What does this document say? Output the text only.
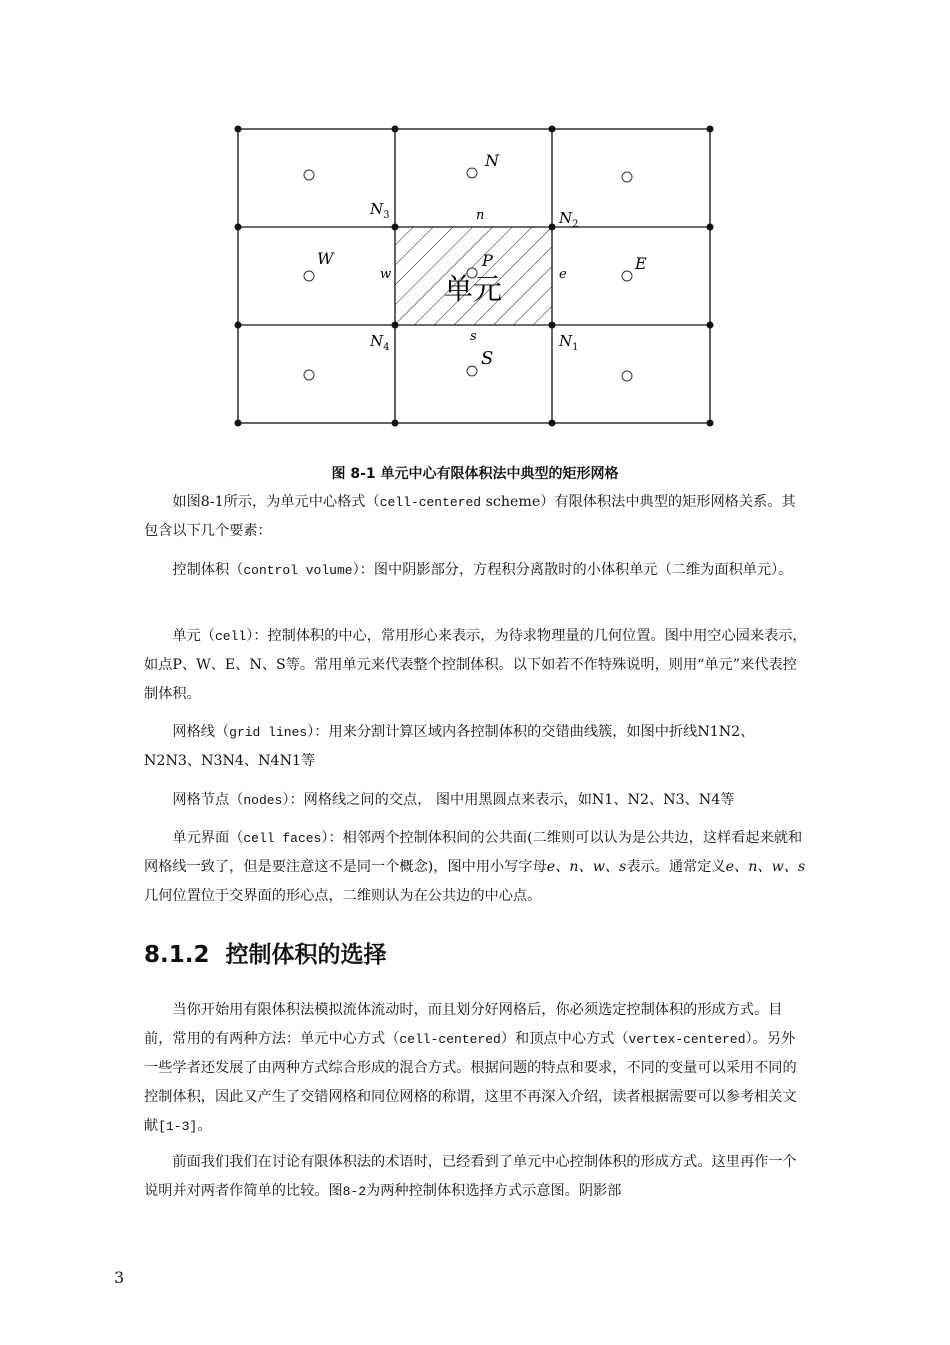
N
W	E
S
P
n
w	e
s
$N_3$	$N_2$
$N_4$	$N_1$
单元
图 8-1 单元中心有限体积法中典型的矩形网格

如图8-1所示，为单元中心格式（cell-centered scheme）有限体积法中典型的矩形网格关系。其包含以下几个要素：

控制体积（control volume）：图中阴影部分，方程积分离散时的小体积单元（二维为面积单元）。

单元（cell）：控制体积的中心，常用形心来表示，为待求物理量的几何位置。图中用空心园来表示，如点P、W、E、N、S等。常用单元来代表整个控制体积。以下如若不作特殊说明，则用“单元”来代表控制体积。

网格线（grid lines）：用来分割计算区域内各控制体积的交错曲线簇，如图中折线N1N2、N2N3、N3N4、N4N1等

网格节点（nodes）：网格线之间的交点， 图中用黑圆点来表示，如N1、N2、N3、N4等

单元界面（cell faces）：相邻两个控制体积间的公共面(二维则可以认为是公共边，这样看起来就和网格线一致了，但是要注意这不是同一个概念)，图中用小写字母e、n、w、s表示。通常定义e、n、w、s几何位置位于交界面的形心点，二维则认为在公共边的中心点。

8.1.2 控制体积的选择

当你开始用有限体积法模拟流体流动时，而且划分好网格后，你必须选定控制体积的形成方式。目前，常用的有两种方法：单元中心方式（cell-centered）和顶点中心方式（vertex-centered）。另外一些学者还发展了由两种方式综合形成的混合方式。根据问题的特点和要求，不同的变量可以采用不同的控制体积，因此又产生了交错网格和同位网格的称谓，这里不再深入介绍，读者根据需要可以参考相关文献[1-3]。

前面我们我们在讨论有限体积法的术语时，已经看到了单元中心控制体积的形成方式。这里再作一个说明并对两者作简单的比较。图8-2为两种控制体积选择方式示意图。阴影部

3
